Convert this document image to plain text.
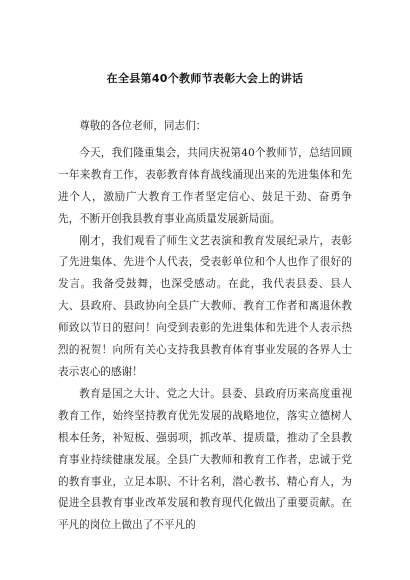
在全县第40个教师节表彰大会上的讲话

尊敬的各位老师，同志们：

今天，我们隆重集会，共同庆祝第40个教师节，总结回顾一年来教育工作，表彰教育体育战线涌现出来的先进集体和先进个人，激励广大教育工作者坚定信心、鼓足干劲、奋勇争先，不断开创我县教育事业高质量发展新局面。

刚才，我们观看了师生文艺表演和教育发展纪录片，表彰了先进集体、先进个人代表，受表彰单位和个人也作了很好的发言。我备受鼓舞，也深受感动。在此，我代表县委、县人大、县政府、县政协向全县广大教师、教育工作者和离退休教师致以节日的慰问！向受到表彰的先进集体和先进个人表示热烈的祝贺！向所有关心支持我县教育体育事业发展的各界人士表示衷心的感谢！

教育是国之大计、党之大计。县委、县政府历来高度重视教育工作，始终坚持教育优先发展的战略地位，落实立德树人根本任务，补短板、强弱项，抓改革、提质量，推动了全县教育事业持续健康发展。全县广大教师和教育工作者，忠诚于党的教育事业，立足本职、不计名利，潜心教书、精心育人，为促进全县教育事业改革发展和教育现代化做出了重要贡献。在平凡的岗位上做出了不平凡的
